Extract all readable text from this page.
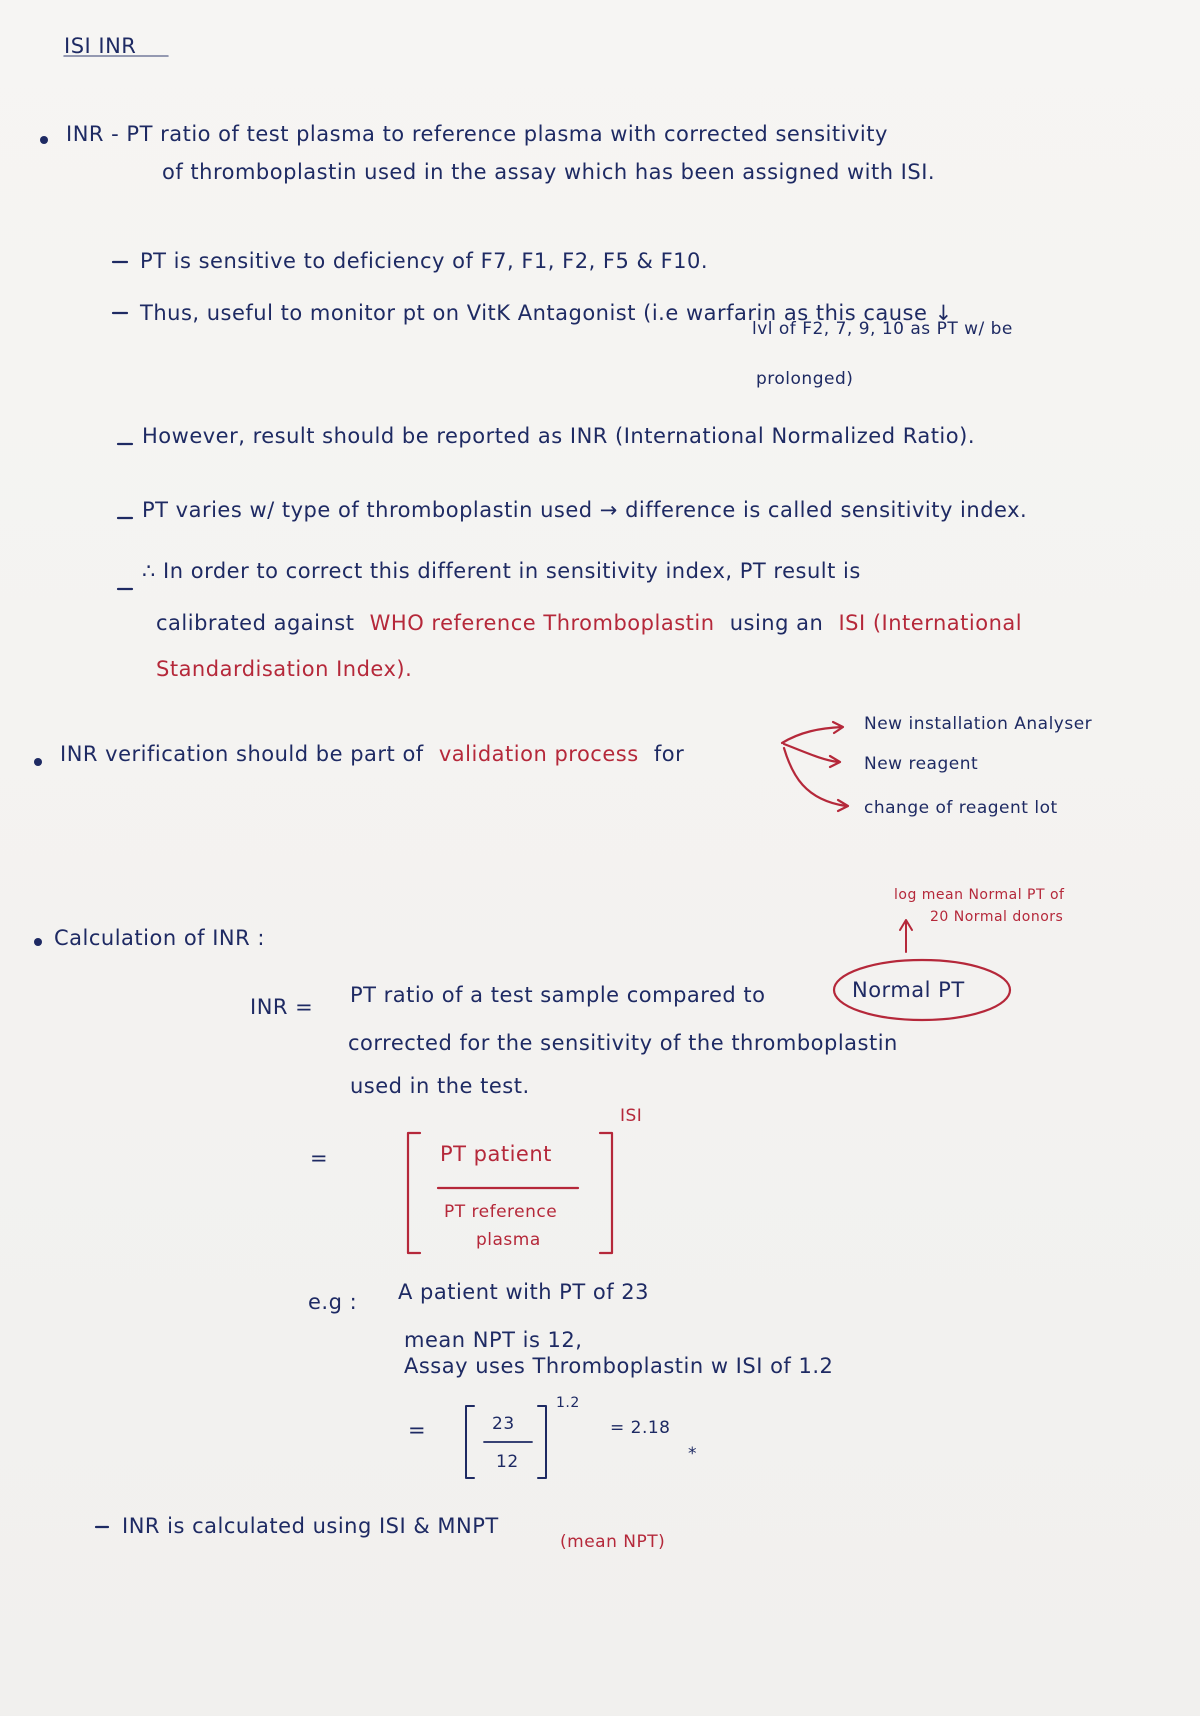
ISI INR
INR - PT ratio of test plasma to reference plasma with corrected sensitivity
of thromboplastin used in the assay which has been assigned with ISI.
PT is sensitive to deficiency of F7, F1, F2, F5 & F10.
Thus, useful to monitor pt on VitK Antagonist (i.e warfarin as this cause ↓
lvl of F2, 7, 9, 10 as PT w/ be
prolonged)
However, result should be reported as INR (International Normalized Ratio).
PT varies w/ type of thromboplastin used → difference is called sensitivity index.
∴ In order to correct this different in sensitivity index, PT result is
calibrated against WHO reference Thromboplastin using an ISI (International
Standardisation Index).
INR verification should be part of validation process for
New installation Analyser
New reagent
change of reagent lot
Calculation of INR :
log mean Normal PT of
20 Normal donors
INR = PT ratio of a test sample compared to	Normal PT
corrected for the sensitivity of the thromboplastin
used in the test.
=
ISI
PT patient
PT reference
plasma
e.g : A patient with PT of 23
mean NPT is 12,
Assay uses Thromboplastin w ISI of 1.2
=	23
12
1.2
= 2.18
*
INR is calculated using ISI & MNPT
(mean NPT)
